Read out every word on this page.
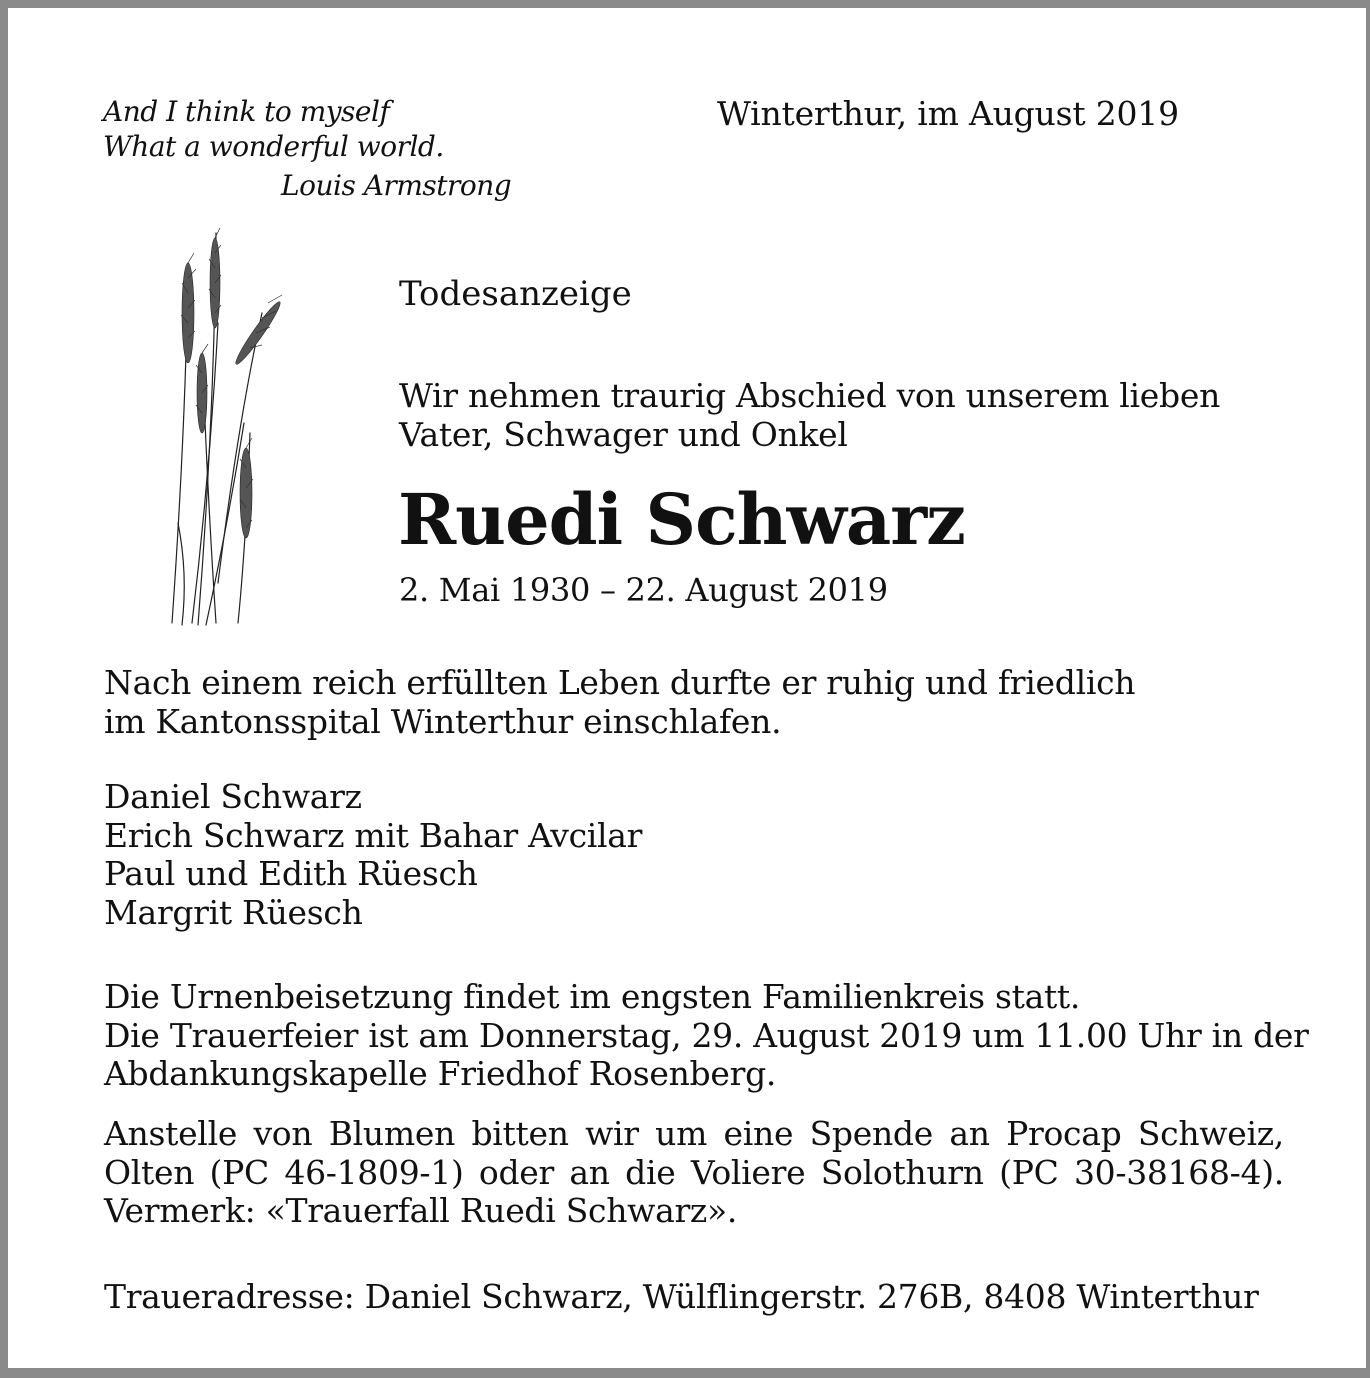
And I think to myself
What a wonderful world.
Louis Armstrong
Winterthur, im August 2019
Todesanzeige
Wir nehmen traurig Abschied von unserem lieben
Vater, Schwager und Onkel
Ruedi Schwarz
2. Mai 1930 – 22. August 2019
Nach einem reich erfüllten Leben durfte er ruhig und friedlich
im Kantonsspital Winterthur einschlafen.
Daniel Schwarz
Erich Schwarz mit Bahar Avcilar
Paul und Edith Rüesch
Margrit Rüesch
Die Urnenbeisetzung findet im engsten Familienkreis statt.
Die Trauerfeier ist am Donnerstag, 29. August 2019 um 11.00 Uhr in der
Abdankungskapelle Friedhof Rosenberg.
Anstelle von Blumen bitten wir um eine Spende an Procap Schweiz,
Olten (PC 46-1809-1) oder an die Voliere Solothurn (PC 30-38168-4).
Vermerk: «Trauerfall Ruedi Schwarz».
Traueradresse: Daniel Schwarz, Wülflingerstr. 276B, 8408 Winterthur
